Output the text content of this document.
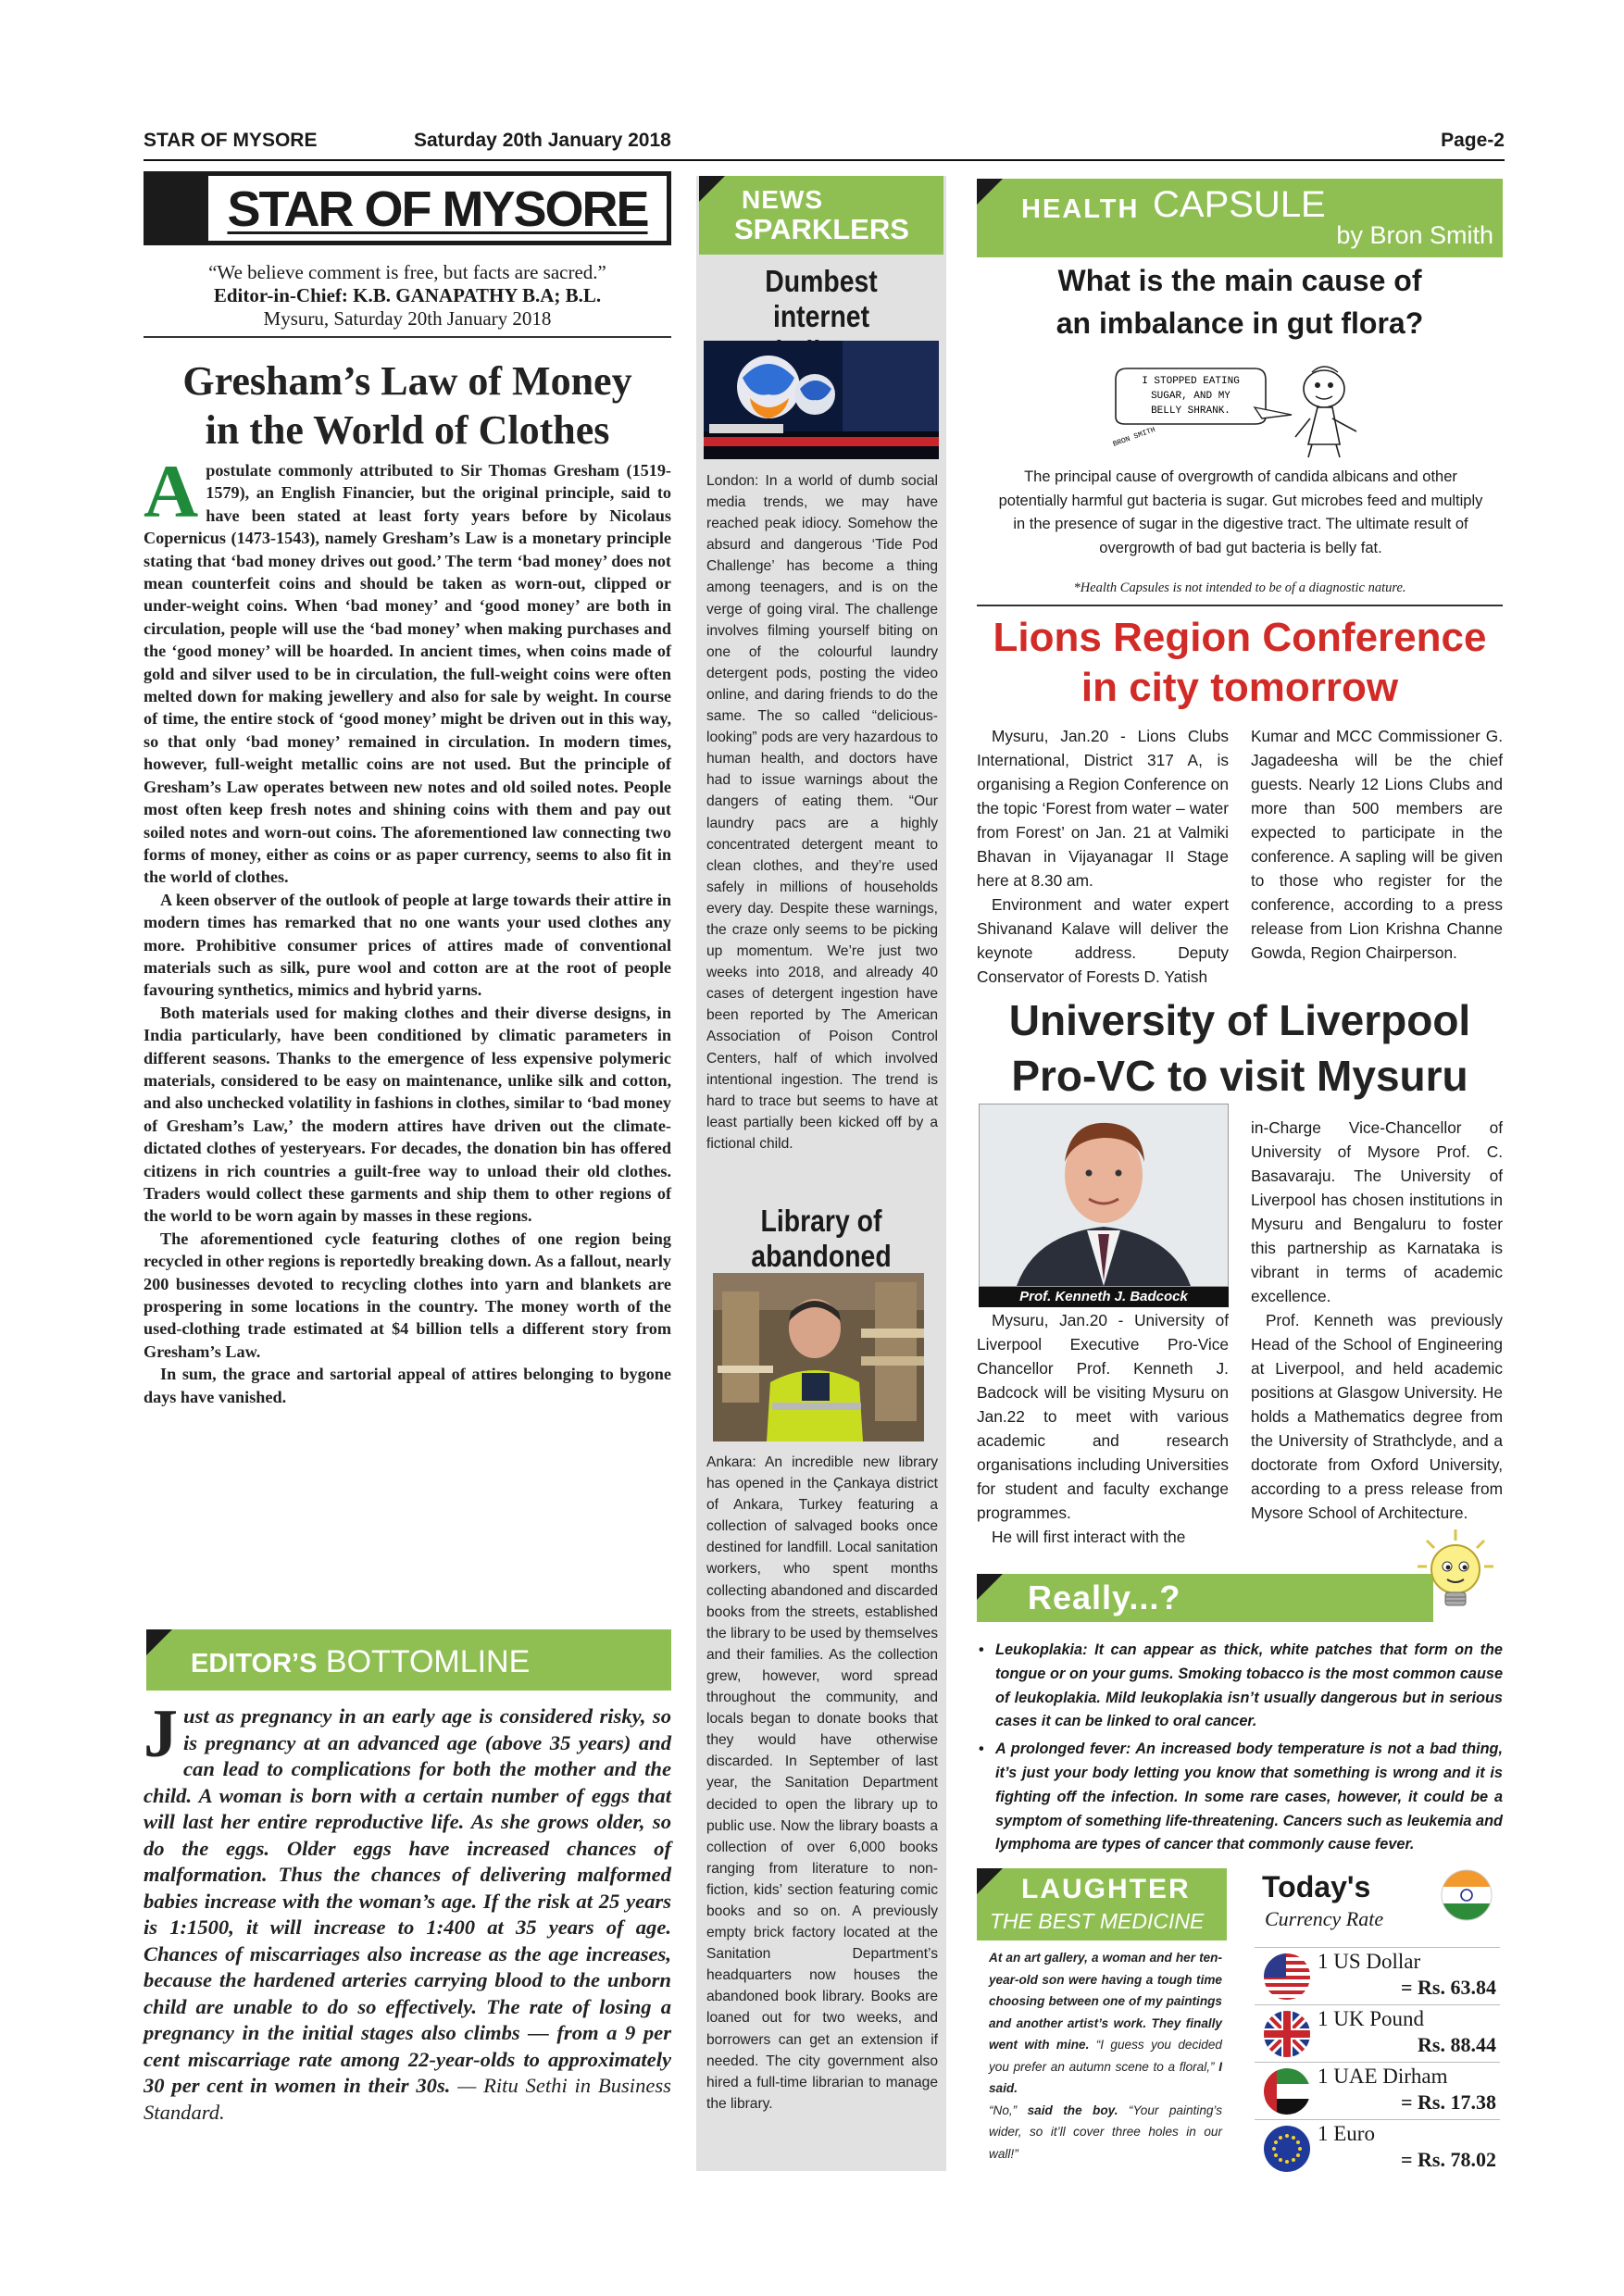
STAR OF MYSORE	Saturday 20th January 2018	Page-2
STAR OF MYSORE
“We believe comment is free, but facts are sacred.”
Editor-in-Chief: K.B. GANAPATHY B.A; B.L.
Mysuru, Saturday 20th January 2018
Gresham’s Law of Money
in the World of Clothes

Apostulate commonly attributed to Sir Thomas Gresham (1519-1579), an English Financier, but the original principle, said to have been stated at least forty years before by Nicolaus Copernicus (1473-1543), namely Gresham’s Law is a monetary principle stating that ‘bad money drives out good.’ The term ‘bad money’ does not mean counterfeit coins and should be taken as worn-out, clipped or under-weight coins. When ‘bad money’ and ‘good money’ are both in circulation, people will use the ‘bad money’ when making purchases and the ‘good money’ will be hoarded. In ancient times, when coins made of gold and silver used to be in circulation, the full-weight coins were often melted down for making jewellery and also for sale by weight. In course of time, the entire stock of ‘good money’ might be driven out in this way, so that only ‘bad money’ remained in circulation. In modern times, however, full-weight metallic coins are not used. But the principle of Gresham’s Law operates between new notes and old soiled notes. People most often keep fresh notes and shining coins with them and pay out soiled notes and worn-out coins. The aforementioned law connecting two forms of money, either as coins or as paper currency, seems to also fit in the world of clothes.

A keen observer of the outlook of people at large towards their attire in modern times has remarked that no one wants your used clothes any more. Prohibitive consumer prices of attires made of conventional materials such as silk, pure wool and cotton are at the root of people favouring synthetics, mimics and hybrid yarns.

Both materials used for making clothes and their diverse designs, in India particularly, have been conditioned by climatic parameters in different seasons. Thanks to the emergence of less expensive polymeric materials, considered to be easy on maintenance, unlike silk and cotton, and also unchecked volatility in fashions in clothes, similar to ‘bad money of Gresham’s Law,’ the modern attires have driven out the climate-dictated clothes of yesteryears. For decades, the donation bin has offered citizens in rich countries a guilt-free way to unload their old clothes. Traders would collect these garments and ship them to other regions of the world to be worn again by masses in these regions.

The aforementioned cycle featuring clothes of one region being recycled in other regions is reportedly breaking down. As a fallout, nearly 200 businesses devoted to recycling clothes into yarn and blankets are prospering in some locations in the country. The money worth of the used-clothing trade estimated at $4 billion tells a different story from Gresham’s Law.

In sum, the grace and sartorial appeal of attires belonging to bygone days have vanished.

EDITOR’S BOTTOMLINE
Just as pregnancy in an early age is considered risky, so is pregnancy at an advanced age (above 35 years) and can lead to complications for both the mother and the child. A woman is born with a certain number of eggs that will last her entire reproductive life. As she grows older, so do the eggs. Older eggs have increased chances of malformation. Thus the chances of delivering malformed babies increase with the woman’s age. If the risk at 25 years is 1:1500, it will increase to 1:400 at 35 years of age. Chances of miscarriages also increase as the age increases, because the hardened arteries carrying blood to the unborn child are unable to do so effectively. The rate of losing a pregnancy in the initial stages also climbs — from a 9 per cent miscarriage rate among 22-year-olds to approximately 30 per cent in women in their 30s. — Ritu Sethi in Business Standard.
NEWS
SPARKLERS
Dumbest internet
London: In a world of dumb social media trends, we may have reached peak idiocy. Somehow the absurd and dangerous ‘Tide Pod Challenge’ has become a thing among teenagers, and is on the verge of going viral. The challenge involves filming yourself biting on one of the colourful laundry detergent pods, posting the video online, and daring friends to do the same. The so called “delicious-looking” pods are very hazardous to human health, and doctors have had to issue warnings about the dangers of eating them. “Our laundry pacs are a highly concentrated detergent meant to clean clothes, and they’re used safely in millions of households every day. Despite these warnings, the craze only seems to be picking up momentum. We’re just two weeks into 2018, and already 40 cases of detergent ingestion have been reported by The American Association of Poison Control Centers, half of which involved intentional ingestion. The trend is hard to trace but seems to have at least partially been kicked off by a fictional child.
Library of abandoned
Ankara: An incredible new library has opened in the Çankaya district of Ankara, Turkey featuring a collection of salvaged books once destined for landfill. Local sanitation workers, who spent months collecting abandoned and discarded books from the streets, established the library to be used by themselves and their families. As the collection grew, however, word spread throughout the community, and locals began to donate books that they would have otherwise discarded. In September of last year, the Sanitation Department decided to open the library up to public use. Now the library boasts a collection of over 6,000 books ranging from literature to non-fiction, kids’ section featuring comic books and so on. A previously empty brick factory located at the Sanitation Department’s headquarters now houses the abandoned book library. Books are loaned out for two weeks, and borrowers can get an extension if needed. The city government also hired a full-time librarian to manage the library.
HEALTH CAPSULE
by Bron Smith
What is the main cause of
an imbalance in gut flora?
I STOPPED EATING
SUGAR, AND MY
BELLY SHRANK.
BRON SMITH
The principal cause of overgrowth of candida albicans and other potentially harmful gut bacteria is sugar. Gut microbes feed and multiply in the presence of sugar in the digestive tract. The ultimate result of overgrowth of bad gut bacteria is belly fat.
*Health Capsules is not intended to be of a diagnostic nature.
Lions Region Conference
in city tomorrow

Mysuru, Jan.20 - Lions Clubs International, District 317 A, is organising a Region Conference on the topic ‘Forest from water – water from Forest’ on Jan. 21 at Valmiki Bhavan in Vijayanagar II Stage here at 8.30 am.

Environment and water expert Shivanand Kalave will deliver the keynote address. Deputy Conservator of Forests D. Yatish

Kumar and MCC Commissioner G. Jagadeesha will be the chief guests. Nearly 12 Lions Clubs and more than 500 members are expected to participate in the conference. A sapling will be given to those who register for the conference, according to a press release from Lion Krishna Channe Gowda, Region Chairperson.

University of Liverpool
Pro-VC to visit Mysuru
Prof. Kenneth J. Badcock

Mysuru, Jan.20 - University of Liverpool Executive Pro-Vice Chancellor Prof. Kenneth J. Badcock will be visiting Mysuru on Jan.22 to meet with various academic and research organisations including Universities for student and faculty exchange programmes.

He will first interact with the

in-Charge Vice-Chancellor of University of Mysore Prof. C. Basavaraju. The University of Liverpool has chosen institutions in Mysuru and Bengaluru to foster this partnership as Karnataka is vibrant in terms of academic excellence.

Prof. Kenneth was previously Head of the School of Engineering at Liverpool, and held academic positions at Glasgow University. He holds a Mathematics degree from the University of Strathclyde, and a doctorate from Oxford University, according to a press release from Mysore School of Architecture.

Really...?
• Leukoplakia: It can appear as thick, white patches that form on the tongue or on your gums. Smoking tobacco is the most common cause of leukoplakia. Mild leukoplakia isn’t usually dangerous but in serious cases it can be linked to oral cancer.
• A prolonged fever: An increased body temperature is not a bad thing, it’s just your body letting you know that something is wrong and it is fighting off the infection. In some rare cases, however, it could be a symptom of something life-threatening. Cancers such as leukemia and lymphoma are types of cancer that commonly cause fever.
LAUGHTER
THE BEST MEDICINE
At an art gallery, a woman and her ten-year-old son were having a tough time choosing between one of my paintings and another artist’s work. They finally went with mine. “I guess you decided you prefer an autumn scene to a floral,” I said.
“No,” said the boy. “Your painting’s wider, so it’ll cover three holes in our wall!”
Today's
Currency Rate
1 US Dollar
= Rs. 63.84
1 UK Pound
Rs. 88.44
1 UAE Dirham
= Rs. 17.38
1 Euro
= Rs. 78.02
